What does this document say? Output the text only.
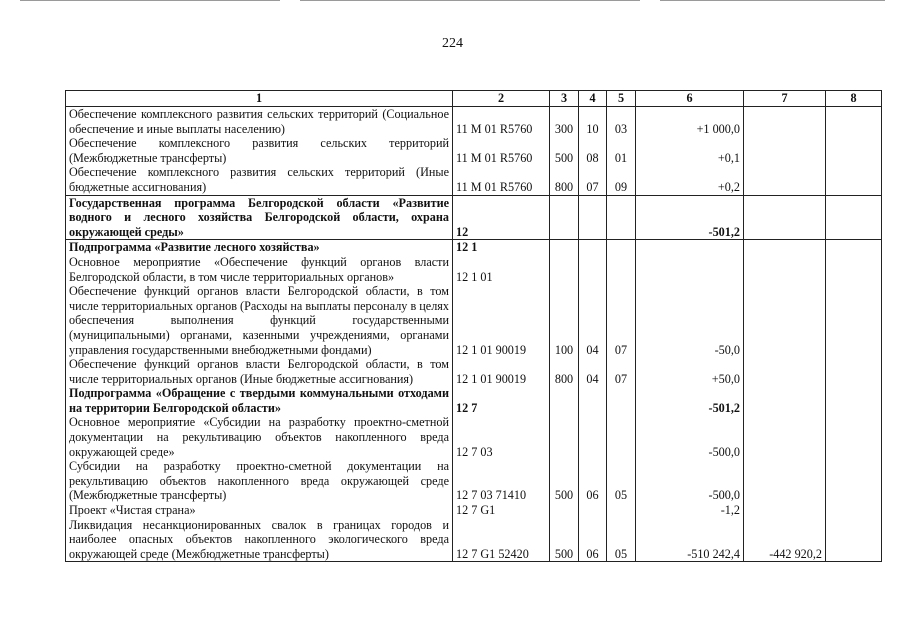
224
1	2	3	4	5	6	7	8
Обеспечение комплексного развития сельских территорий (Социальное обеспечение и иные выплаты населению)	11 М 01 R5760	300	10	03	+1 000,0		
Обеспечение комплексного развития сельских территорий (Межбюджетные трансферты)	11 М 01 R5760	500	08	01	+0,1		
Обеспечение комплексного развития сельских территорий (Иные бюджетные ассигнования)	11 М 01 R5760	800	07	09	+0,2		
Государственная программа Белгородской области «Развитие водного и лесного хозяйства Белгородской области, охрана окружающей среды»	12				-501,2		
Подпрограмма «Развитие лесного хозяйства»	12 1						
Основное мероприятие «Обеспечение функций органов власти Белгородской области, в том числе территориальных органов»	12 1 01						
Обеспечение функций органов власти Белгородской области, в том числе территориальных органов (Расходы на выплаты персоналу в целях обеспечения выполнения функций государственными (муниципальными) органами, казенными учреждениями, органами управления государственными внебюджетными фондами)	12 1 01 90019	100	04	07	-50,0		
Обеспечение функций органов власти Белгородской области, в том числе территориальных органов (Иные бюджетные ассигнования)	12 1 01 90019	800	04	07	+50,0		
Подпрограмма «Обращение с твердыми коммунальными отходами на территории Белгородской области»	12 7				-501,2		
Основное мероприятие «Субсидии на разработку проектно-сметной документации на рекультивацию объектов накопленного вреда окружающей среде»	12 7 03				-500,0		
Субсидии на разработку проектно-сметной документации на рекультивацию объектов накопленного вреда окружающей среде (Межбюджетные трансферты)	12 7 03 71410	500	06	05	-500,0		
Проект «Чистая страна»	12 7 G1				-1,2		
Ликвидация несанкционированных свалок в границах городов и наиболее опасных объектов накопленного экологического вреда окружающей среде (Межбюджетные трансферты)	12 7 G1 52420	500	06	05	-510 242,4	-442 920,2	
